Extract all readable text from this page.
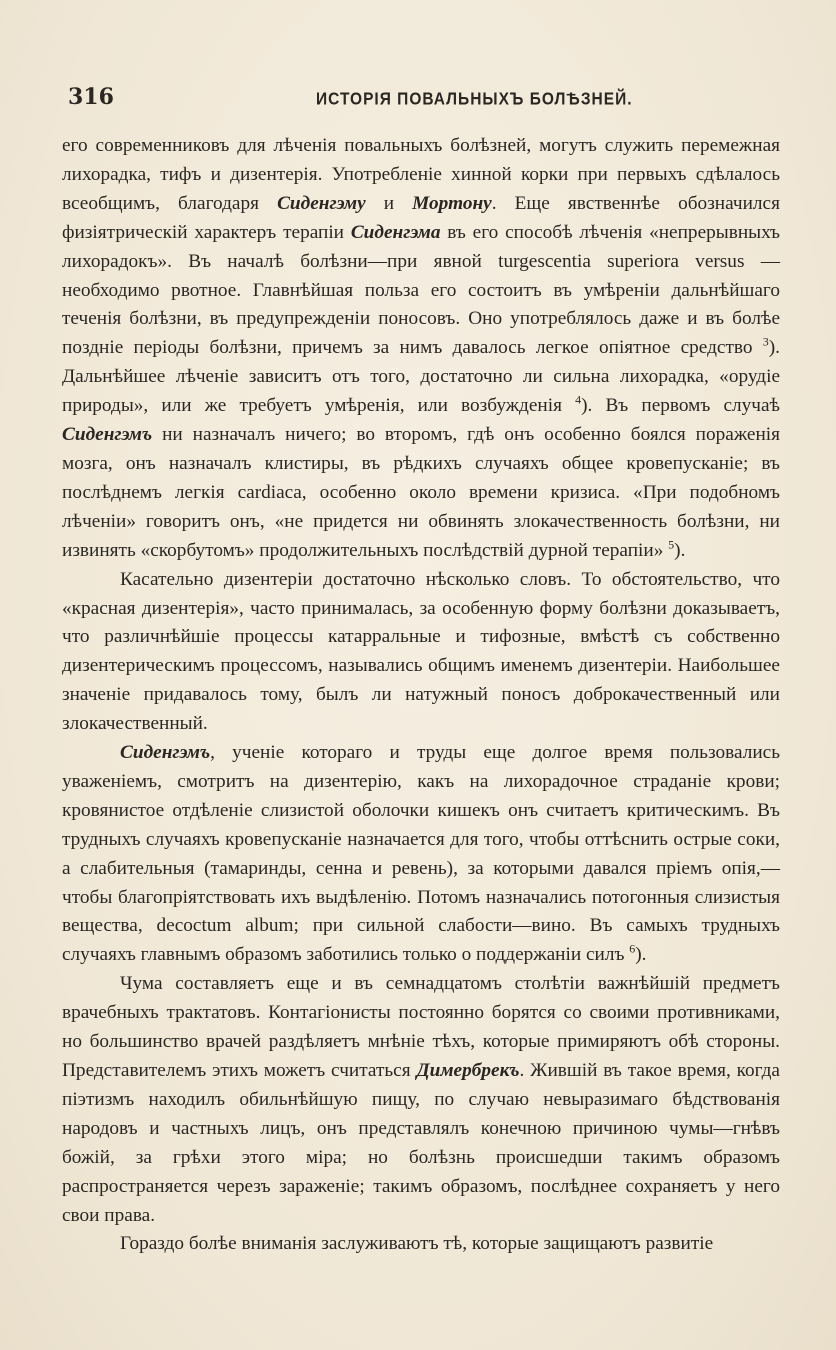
316	ИСТОРІЯ ПОВАЛЬНЫХЪ БОЛѢЗНЕЙ.

его современниковъ для лѣченія повальныхъ болѣзней, могутъ служить перемежная лихорадка, тифъ и дизентерія. Употребленіе хинной корки при первыхъ сдѣлалось всеобщимъ, благодаря Сиденгэму и Мортону. Еще явственнѣе обозначился физіятрическій характеръ терапіи Сиденгэма въ его способѣ лѣченія «непрерывныхъ лихорадокъ». Въ началѣ болѣзни—при явной turgescentia superiora versus — необходимо рвотное. Главнѣйшая польза его состоитъ въ умѣреніи дальнѣйшаго теченія болѣзни, въ предупрежденіи поносовъ. Оно употреблялось даже и въ болѣе поздніе періоды болѣзни, причемъ за нимъ давалось легкое опіятное средство $^3$). Дальнѣйшее лѣченіе зависитъ отъ того, достаточно ли сильна лихорадка, «орудіе природы», или же требуетъ умѣренія, или возбужденія $^4$). Въ первомъ случаѣ Сиденгэмъ ни назначалъ ничего; во второмъ, гдѣ онъ особенно боялся пораженія мозга, онъ назначалъ клистиры, въ рѣдкихъ случаяхъ общее кровепусканіе; въ послѣднемъ легкія cardiaca, особенно около времени кризиса. «При подобномъ лѣченіи» говоритъ онъ, «не придется ни обвинять злокачественность болѣзни, ни извинять «скорбутомъ» продолжительныхъ послѣдствій дурной терапіи» $^5$).

Касательно дизентеріи достаточно нѣсколько словъ. То обстоятельство, что «красная дизентерія», часто принималась, за особенную форму болѣзни доказываетъ, что различнѣйшіе процессы катарральные и тифозные, вмѣстѣ съ собственно дизентерическимъ процессомъ, назывались общимъ именемъ дизентеріи. Наибольшее значеніе придавалось тому, былъ ли натужный поносъ доброкачественный или злокачественный.

Сиденгэмъ, ученіе котораго и труды еще долгое время пользовались уваженіемъ, смотритъ на дизентерію, какъ на лихорадочное страданіе крови; кровянистое отдѣленіе слизистой оболочки кишекъ онъ считаетъ критическимъ. Въ трудныхъ случаяхъ кровепусканіе назначается для того, чтобы оттѣснить острые соки, а слабительныя (тамаринды, сенна и ревень), за которыми давался пріемъ опія,—чтобы благопріятствовать ихъ выдѣленію. Потомъ назначались потогонныя слизистыя вещества, decoctum album; при сильной слабости—вино. Въ самыхъ трудныхъ случаяхъ главнымъ образомъ заботились только о поддержаніи силъ $^6$).

Чума составляетъ еще и въ семнадцатомъ столѣтіи важнѣйшій предметъ врачебныхъ трактатовъ. Контагіонисты постоянно борятся со своими противниками, но большинство врачей раздѣляетъ мнѣніе тѣхъ, которые примиряютъ обѣ стороны. Представителемъ этихъ можетъ считаться Димербрекъ. Жившій въ такое время, когда піэтизмъ находилъ обильнѣйшую пищу, по случаю невыразимаго бѣдствованія народовъ и частныхъ лицъ, онъ представлялъ конечною причиною чумы—гнѣвъ божій, за грѣхи этого міра; но болѣзнь происшедши такимъ образомъ распространяется черезъ зараженіе; такимъ образомъ, послѣднее сохраняетъ у него свои права.

Гораздо болѣе вниманія заслуживаютъ тѣ, которые защищаютъ развитіе
